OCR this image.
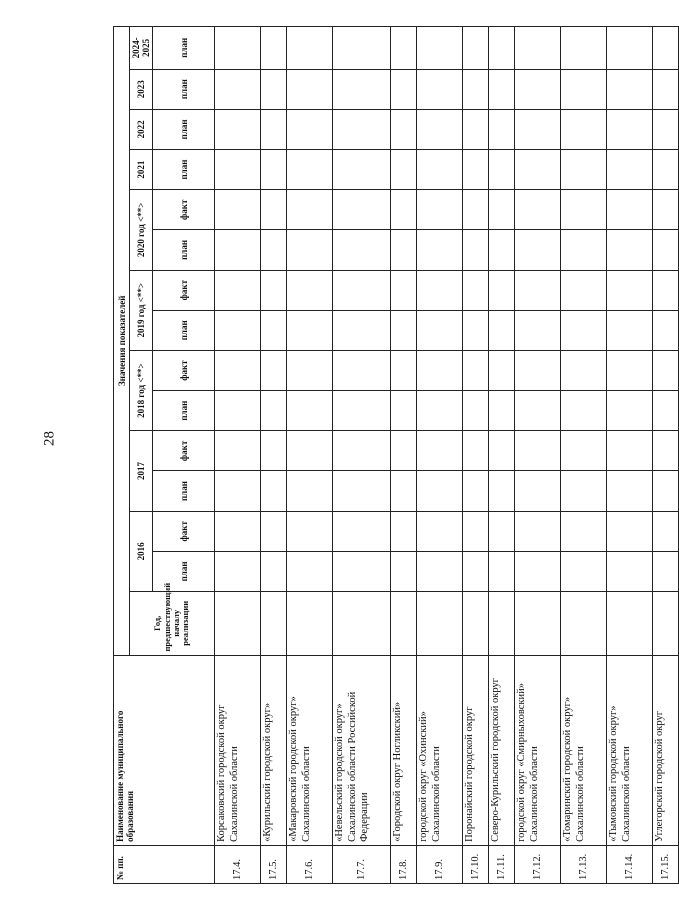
28
№ пп.	Наименование муниципального образования	Значения показателей														
		Год, предшествующий началу реализации	2016		2017		2018 год <**>		2019 год <**>		2020 год <**>		2021	2022	2023	2024-2025
			план	факт	план	факт	план	факт	план	факт	план	факт	план	план	план	план
17.4.	Корсаковский городской округ Сахалинской области															
17.5.	«Курильский городской округ»															
17.6.	«Макаровский городской округ» Сахалинской области															
17.7.	«Невельский городской округ» Сахалинской области Российской Федерации															
17.8.	«Городской округ Ногликский»															
17.9.	городской округ «Охинский» Сахалинской области															
17.10.	Поронайский городской округ															
17.11.	Северо-Курильский городской округ															
17.12.	городской округ «Смирныховский» Сахалинской области															
17.13.	«Томаринский городской округ» Сахалинской области															
17.14.	«Тымовский городской округ» Сахалинской области															
17.15.	Углегорский городской округ															
